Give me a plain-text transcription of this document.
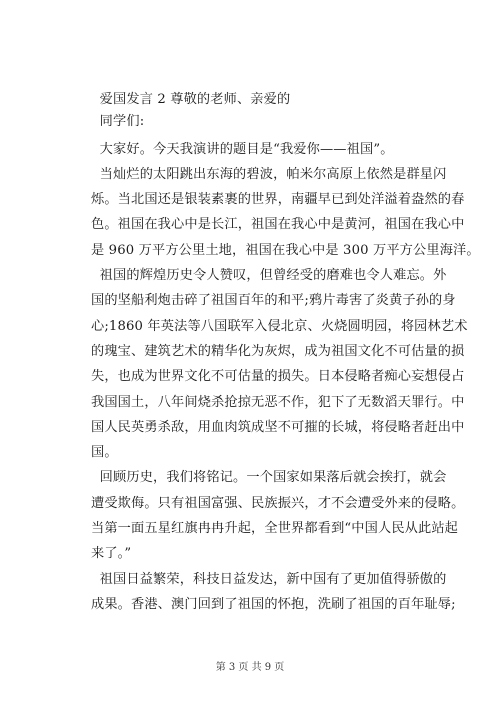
爱国发言 2 尊敬的老师、亲爱的
同学们:
大家好。今天我演讲的题目是“我爱你——祖国”。
当灿烂的太阳跳出东海的碧波，帕米尔高原上依然是群星闪
烁。当北国还是银装素裹的世界，南疆早已到处洋溢着盎然的春
色。祖国在我心中是长江，祖国在我心中是黄河，祖国在我心中
是 960 万平方公里土地，祖国在我心中是 300 万平方公里海洋。
祖国的辉煌历史令人赞叹，但曾经受的磨难也令人难忘。外
国的坚船利炮击碎了祖国百年的和平;鸦片毒害了炎黄子孙的身
心;1860 年英法等八国联军入侵北京、火烧圆明园，将园林艺术
的瑰宝、建筑艺术的精华化为灰烬，成为祖国文化不可估量的损
失，也成为世界文化不可估量的损失。日本侵略者痴心妄想侵占
我国国土，八年间烧杀抢掠无恶不作，犯下了无数滔天罪行。中
国人民英勇杀敌，用血肉筑成坚不可摧的长城，将侵略者赶出中
国。
回顾历史，我们将铭记。一个国家如果落后就会挨打，就会
遭受欺侮。只有祖国富强、民族振兴，才不会遭受外来的侵略。
当第一面五星红旗冉冉升起，全世界都看到“中国人民从此站起
来了。”
祖国日益繁荣，科技日益发达，新中国有了更加值得骄傲的
成果。香港、澳门回到了祖国的怀抱，洗刷了祖国的百年耻辱;
第 3 页 共 9 页
